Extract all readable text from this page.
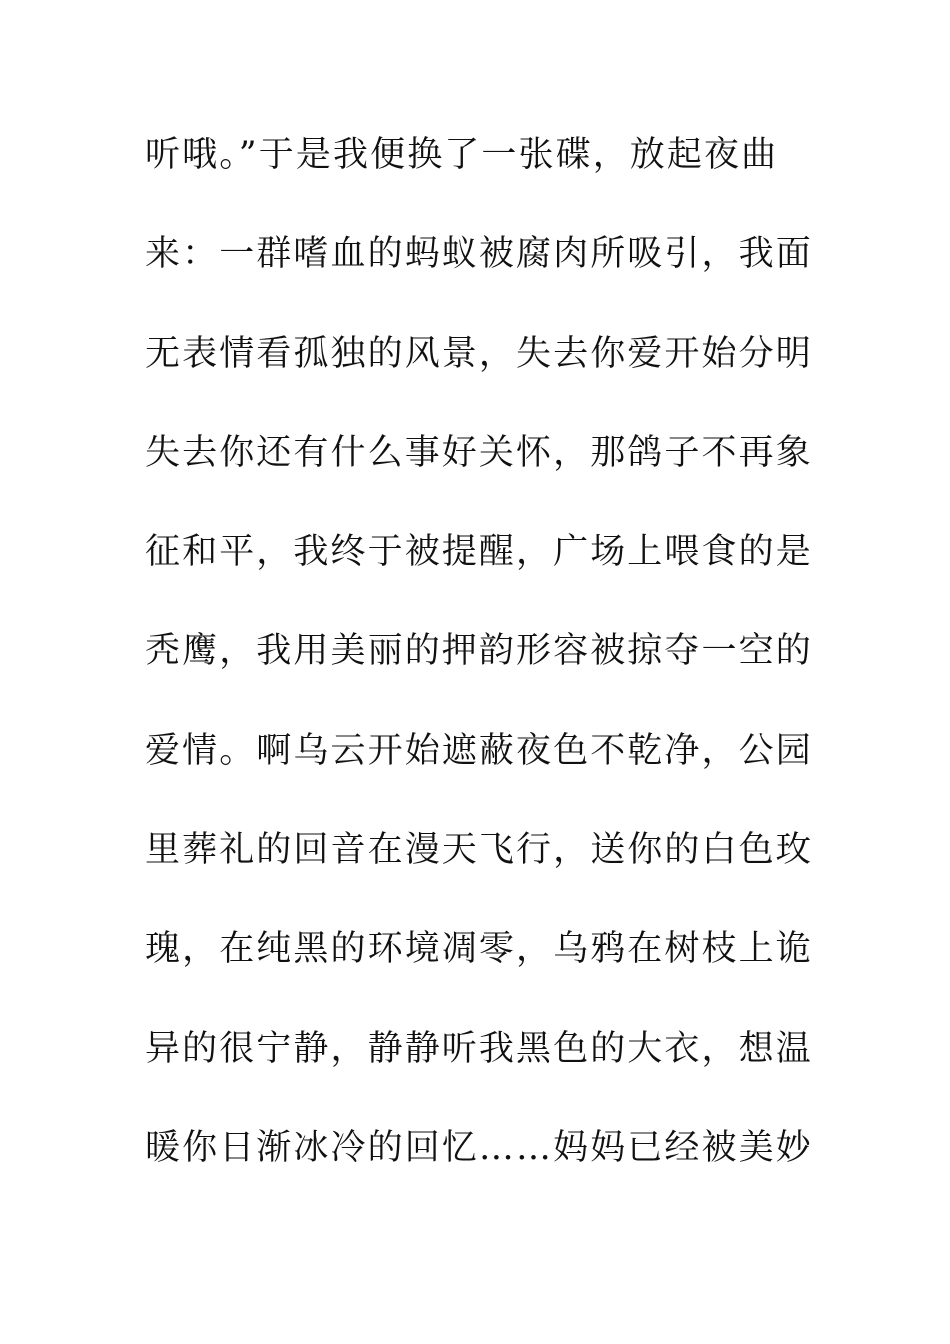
听哦。”于是我便换了一张碟，放起夜曲
来：一群嗜血的蚂蚁被腐肉所吸引，我面
无表情看孤独的风景，失去你爱开始分明
失去你还有什么事好关怀，那鸽子不再象
征和平，我终于被提醒，广场上喂食的是
秃鹰，我用美丽的押韵形容被掠夺一空的
爱情。啊乌云开始遮蔽夜色不乾净，公园
里葬礼的回音在漫天飞行，送你的白色玫
瑰，在纯黑的环境凋零，乌鸦在树枝上诡
异的很宁静，静静听我黑色的大衣，想温
暖你日渐冰冷的回忆……妈妈已经被美妙
